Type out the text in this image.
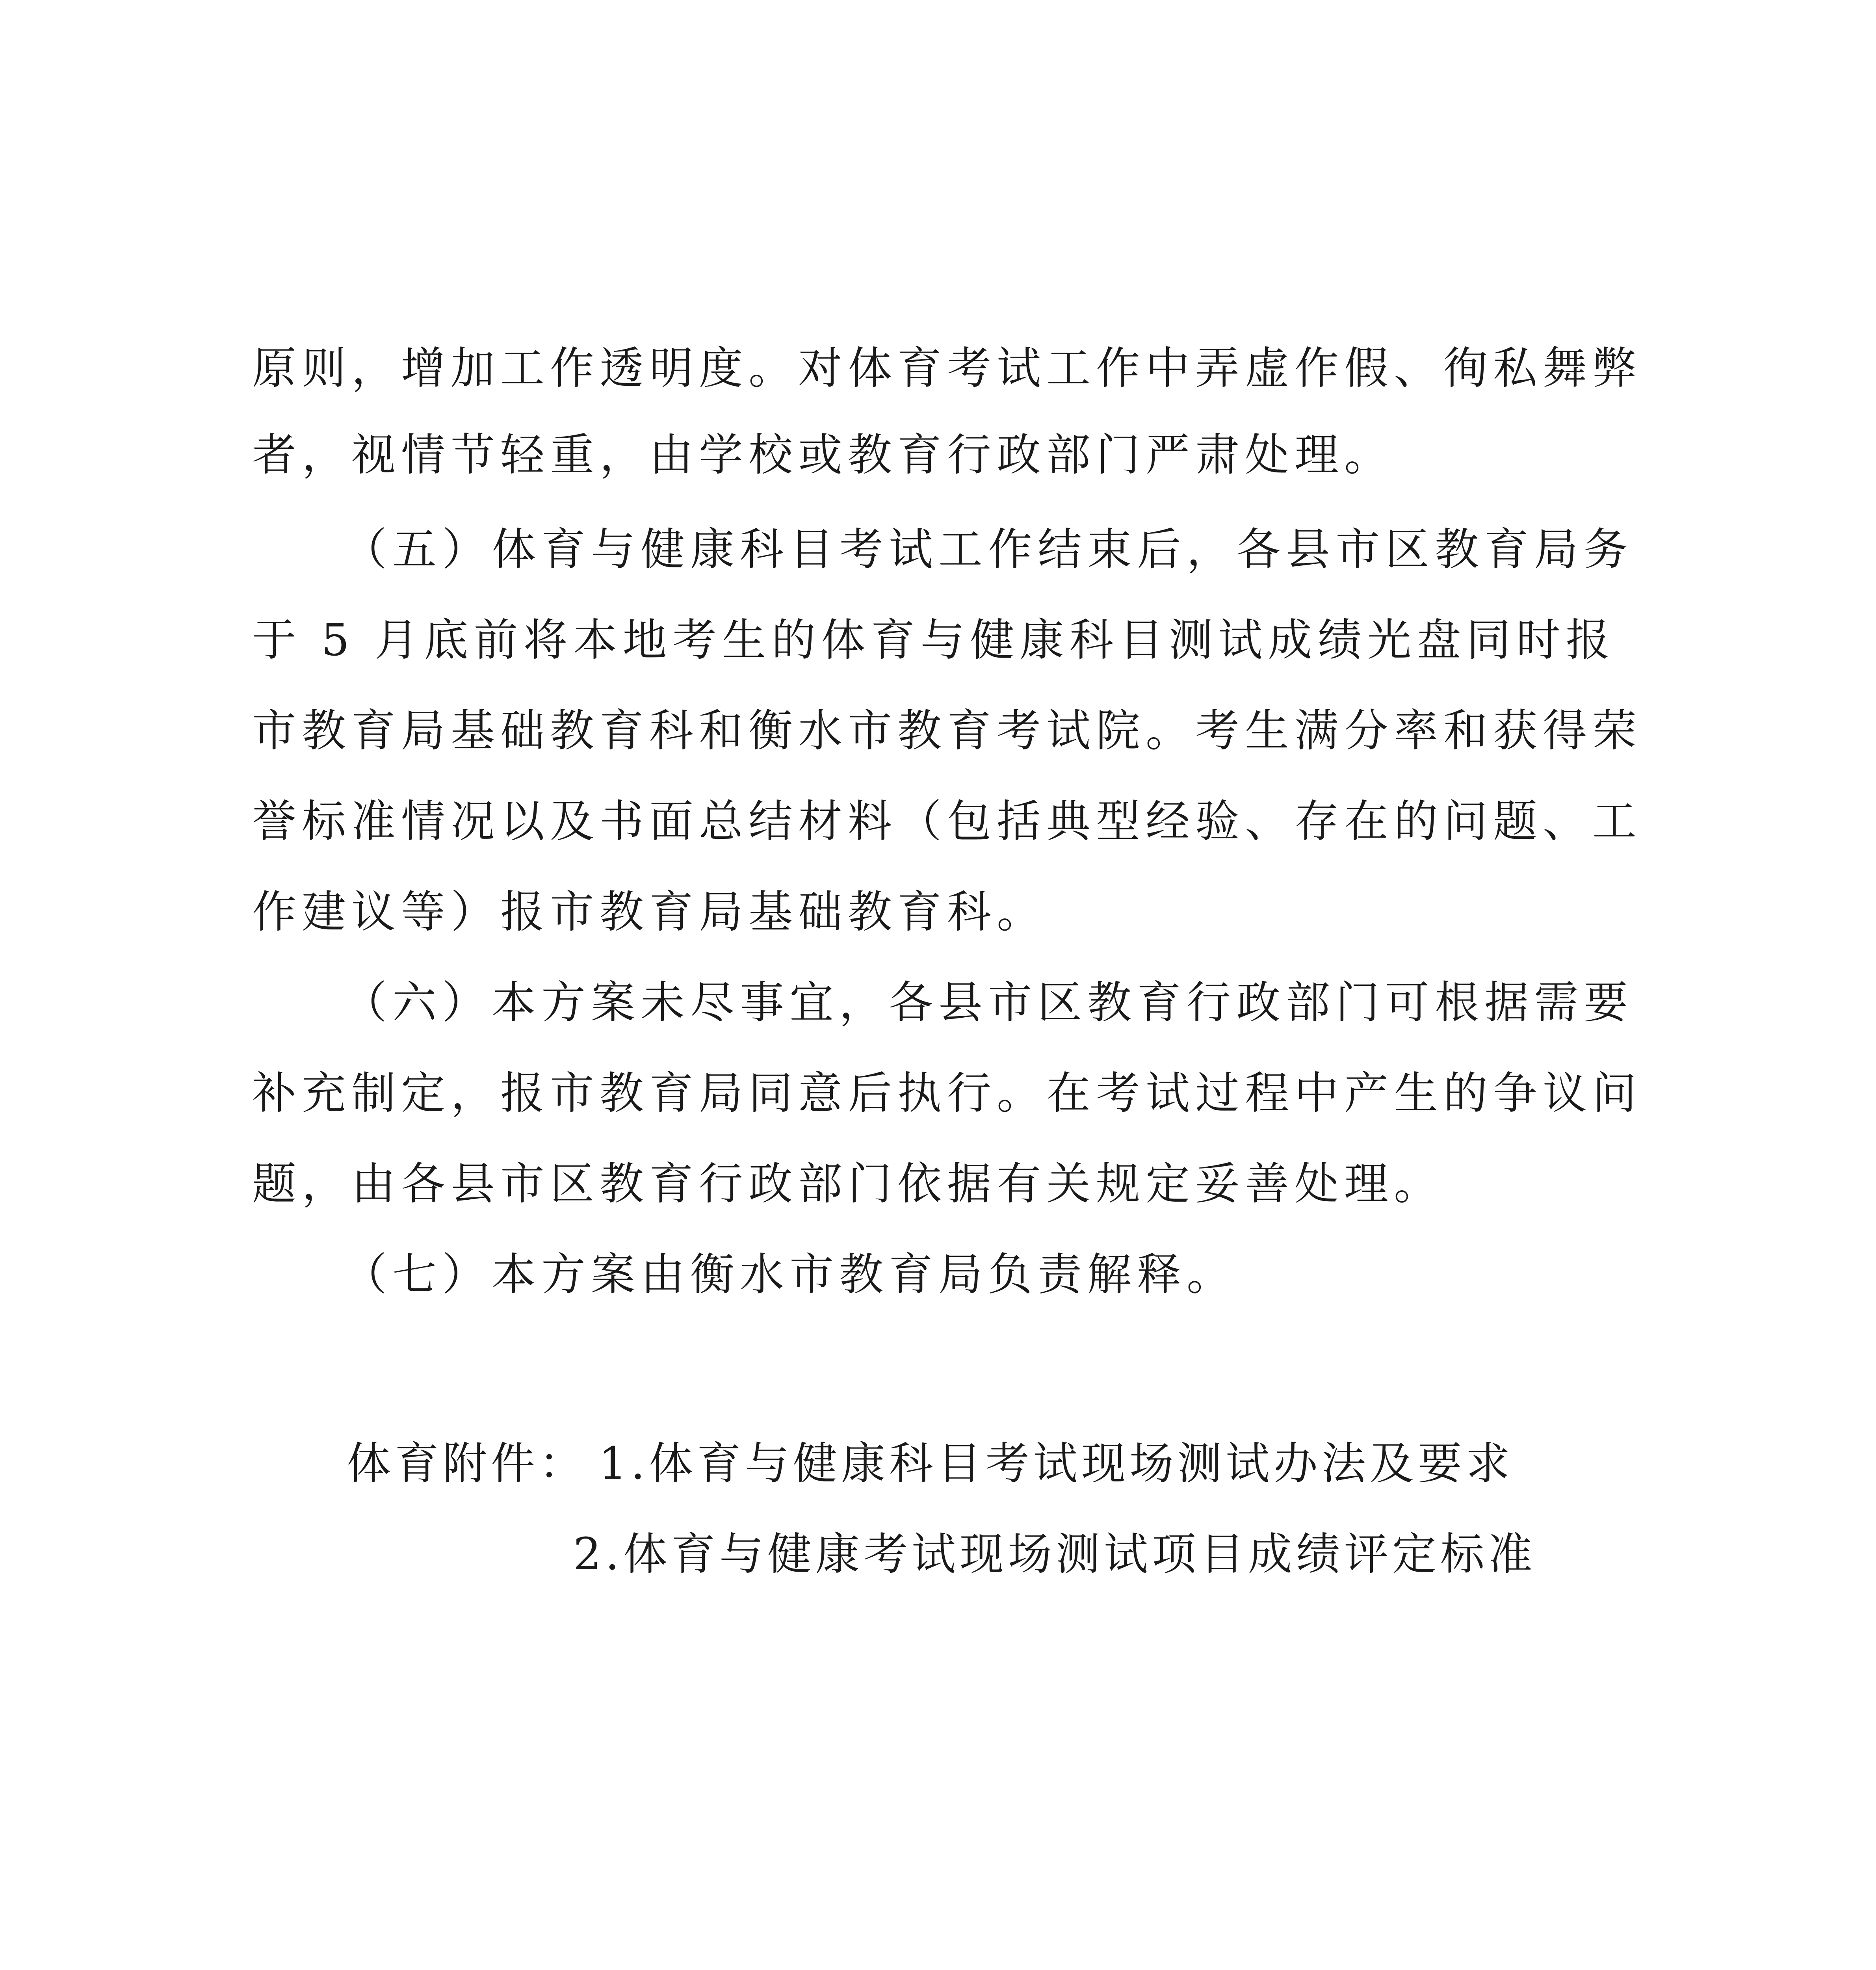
原则，增加工作透明度。对体育考试工作中弄虚作假、徇私舞弊
者，视情节轻重，由学校或教育行政部门严肃处理。
（五）体育与健康科目考试工作结束后，各县市区教育局务
于 5 月底前将本地考生的体育与健康科目测试成绩光盘同时报
市教育局基础教育科和衡水市教育考试院。考生满分率和获得荣
誉标准情况以及书面总结材料（包括典型经验、存在的问题、工
作建议等）报市教育局基础教育科。
（六）本方案未尽事宜，各县市区教育行政部门可根据需要
补充制定，报市教育局同意后执行。在考试过程中产生的争议问
题，由各县市区教育行政部门依据有关规定妥善处理。
（七）本方案由衡水市教育局负责解释。
体育附件： 1.体育与健康科目考试现场测试办法及要求
2.体育与健康考试现场测试项目成绩评定标准
